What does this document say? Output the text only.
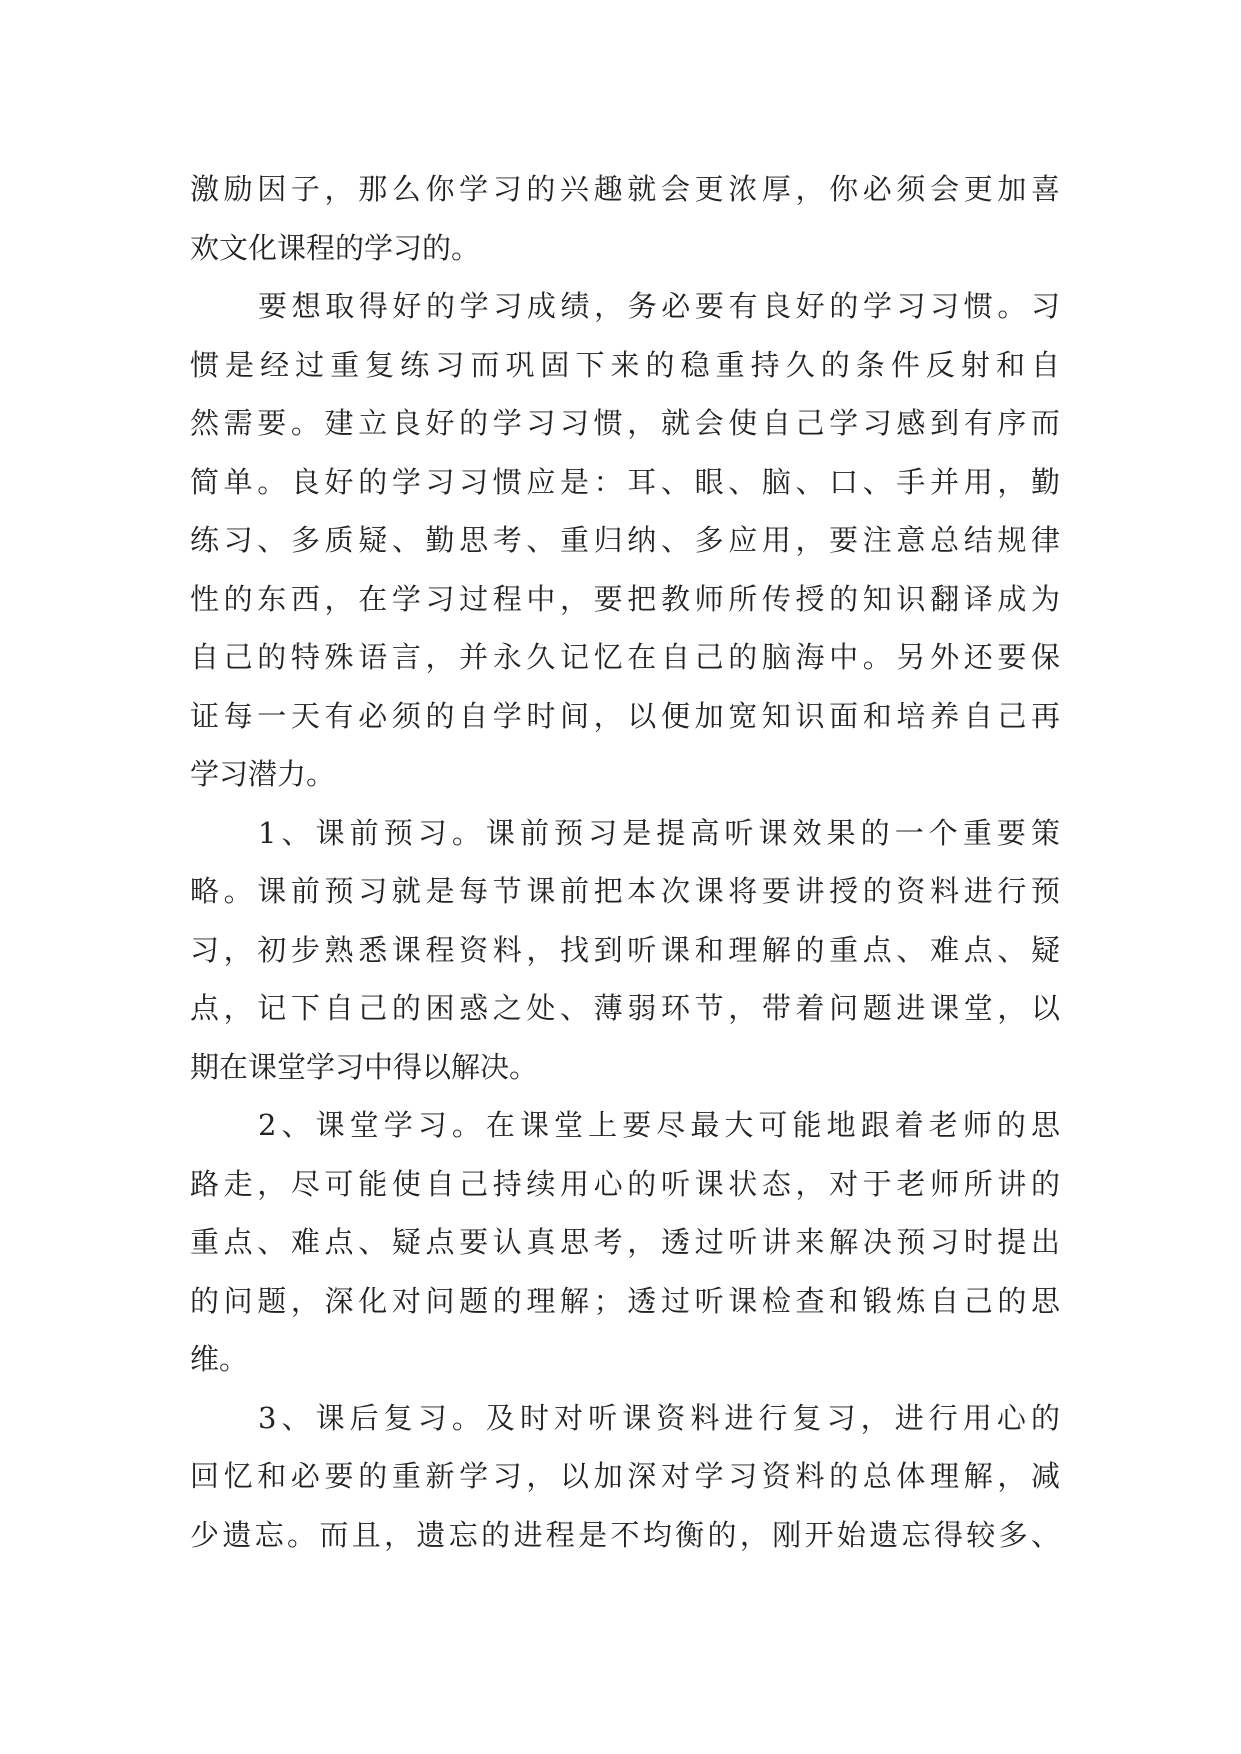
激励因子，那么你学习的兴趣就会更浓厚，你必须会更加喜
欢文化课程的学习的。
要想取得好的学习成绩，务必要有良好的学习习惯。习
惯是经过重复练习而巩固下来的稳重持久的条件反射和自
然需要。建立良好的学习习惯，就会使自己学习感到有序而
简单。良好的学习习惯应是：耳、眼、脑、口、手并用，勤
练习、多质疑、勤思考、重归纳、多应用，要注意总结规律
性的东西，在学习过程中，要把教师所传授的知识翻译成为
自己的特殊语言，并永久记忆在自己的脑海中。另外还要保
证每一天有必须的自学时间，以便加宽知识面和培养自己再
学习潜力。
1、课前预习。课前预习是提高听课效果的一个重要策
略。课前预习就是每节课前把本次课将要讲授的资料进行预
习，初步熟悉课程资料，找到听课和理解的重点、难点、疑
点，记下自己的困惑之处、薄弱环节，带着问题进课堂，以
期在课堂学习中得以解决。
2、课堂学习。在课堂上要尽最大可能地跟着老师的思
路走，尽可能使自己持续用心的听课状态，对于老师所讲的
重点、难点、疑点要认真思考，透过听讲来解决预习时提出
的问题，深化对问题的理解；透过听课检查和锻炼自己的思
维。
3、课后复习。及时对听课资料进行复习，进行用心的
回忆和必要的重新学习，以加深对学习资料的总体理解，减
少遗忘。而且，遗忘的进程是不均衡的，刚开始遗忘得较多、
